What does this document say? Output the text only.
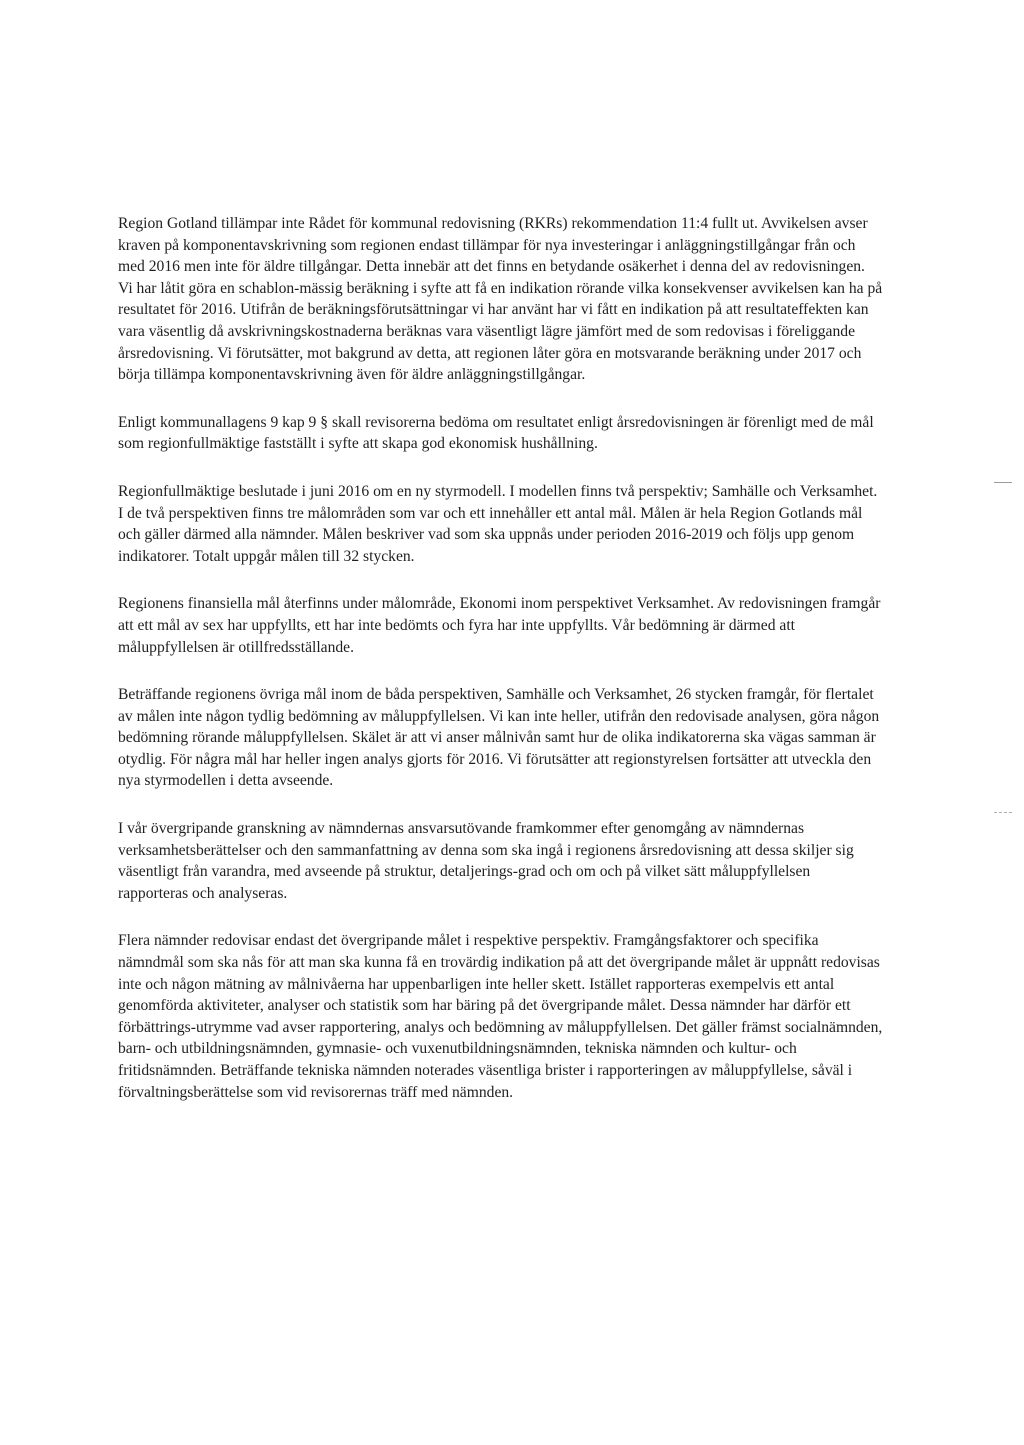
Region Gotland tillämpar inte Rådet för kommunal redovisning (RKRs) rekommendation 11:4 fullt ut. Avvikelsen avser kraven på komponentavskrivning som regionen endast tillämpar för nya investeringar i anläggningstillgångar från och med 2016 men inte för äldre tillgångar. Detta innebär att det finns en betydande osäkerhet i denna del av redovisningen. Vi har låtit göra en schablon-mässig beräkning i syfte att få en indikation rörande vilka konsekvenser avvikelsen kan ha på resultatet för 2016. Utifrån de beräkningsförutsättningar vi har använt har vi fått en indikation på att resultateffekten kan vara väsentlig då avskrivningskostnaderna beräknas vara väsentligt lägre jämfört med de som redovisas i föreliggande årsredovisning. Vi förutsätter, mot bakgrund av detta, att regionen låter göra en motsvarande beräkning under 2017 och börja tillämpa komponentavskrivning även för äldre anläggningstillgångar.

Enligt kommunallagens 9 kap 9 § skall revisorerna bedöma om resultatet enligt årsredovisningen är förenligt med de mål som regionfullmäktige fastställt i syfte att skapa god ekonomisk hushållning.

Regionfullmäktige beslutade i juni 2016 om en ny styrmodell. I modellen finns två perspektiv; Samhälle och Verksamhet. I de två perspektiven finns tre målområden som var och ett innehåller ett antal mål. Målen är hela Region Gotlands mål och gäller därmed alla nämnder. Målen beskriver vad som ska uppnås under perioden 2016-2019 och följs upp genom indikatorer. Totalt uppgår målen till 32 stycken.

Regionens finansiella mål återfinns under målområde, Ekonomi inom perspektivet Verksamhet. Av redovisningen framgår att ett mål av sex har uppfyllts, ett har inte bedömts och fyra har inte uppfyllts. Vår bedömning är därmed att måluppfyllelsen är otillfredsställande.

Beträffande regionens övriga mål inom de båda perspektiven, Samhälle och Verksamhet, 26 stycken framgår, för flertalet av målen inte någon tydlig bedömning av måluppfyllelsen. Vi kan inte heller, utifrån den redovisade analysen, göra någon bedömning rörande måluppfyllelsen. Skälet är att vi anser målnivån samt hur de olika indikatorerna ska vägas samman är otydlig. För några mål har heller ingen analys gjorts för 2016. Vi förutsätter att regionstyrelsen fortsätter att utveckla den nya styrmodellen i detta avseende.

I vår övergripande granskning av nämndernas ansvarsutövande framkommer efter genomgång av nämndernas verksamhetsberättelser och den sammanfattning av denna som ska ingå i regionens årsredovisning att dessa skiljer sig väsentligt från varandra, med avseende på struktur, detaljerings-grad och om och på vilket sätt måluppfyllelsen rapporteras och analyseras.

Flera nämnder redovisar endast det övergripande målet i respektive perspektiv. Framgångsfaktorer och specifika nämndmål som ska nås för att man ska kunna få en trovärdig indikation på att det övergripande målet är uppnått redovisas inte och någon mätning av målnivåerna har uppenbarligen inte heller skett. Istället rapporteras exempelvis ett antal genomförda aktiviteter, analyser och statistik som har bäring på det övergripande målet. Dessa nämnder har därför ett förbättrings-utrymme vad avser rapportering, analys och bedömning av måluppfyllelsen. Det gäller främst socialnämnden, barn- och utbildningsnämnden, gymnasie- och vuxenutbildningsnämnden, tekniska nämnden och kultur- och fritidsnämnden. Beträffande tekniska nämnden noterades väsentliga brister i rapporteringen av måluppfyllelse, såväl i förvaltningsberättelse som vid revisorernas träff med nämnden.
